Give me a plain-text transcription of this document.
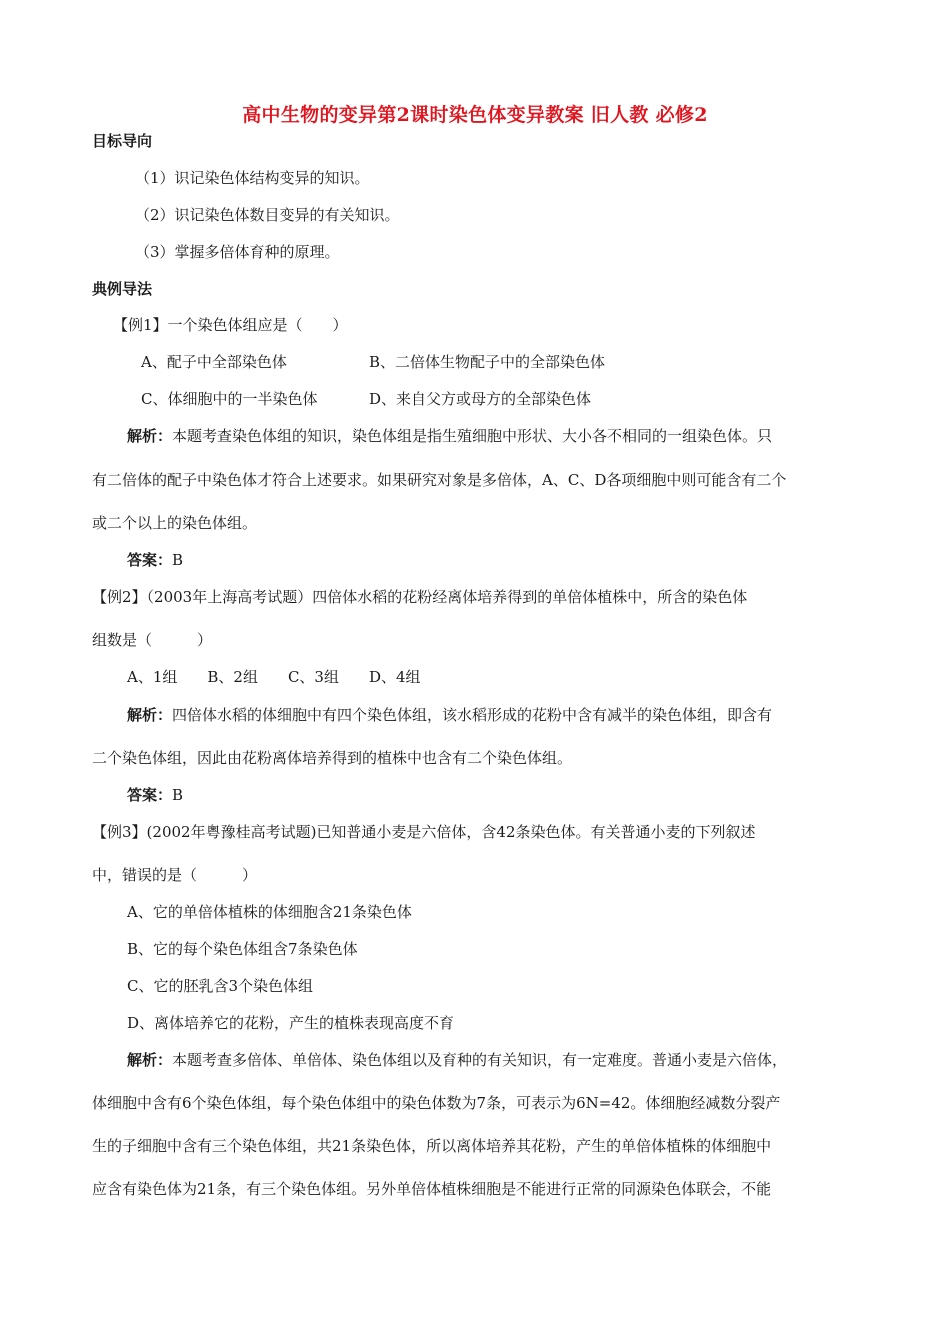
高中生物的变异第2课时染色体变异教案 旧人教 必修2
目标导向
（1）识记染色体结构变异的知识。
（2）识记染色体数目变异的有关知识。
（3）掌握多倍体育种的原理。
典例导法
【例1】一个染色体组应是（　　）
A、配子中全部染色体	B、二倍体生物配子中的全部染色体
C、体细胞中的一半染色体	D、来自父方或母方的全部染色体
解析：本题考查染色体组的知识，染色体组是指生殖细胞中形状、大小各不相同的一组染色体。只
有二倍体的配子中染色体才符合上述要求。如果研究对象是多倍体，A、C、D各项细胞中则可能含有二个
或二个以上的染色体组。
答案：B
【例2】（2003年上海高考试题）四倍体水稻的花粉经离体培养得到的单倍体植株中，所含的染色体
组数是（　　　）
A、1组　　B、2组　　C、3组　　D、4组
解析：四倍体水稻的体细胞中有四个染色体组，该水稻形成的花粉中含有减半的染色体组，即含有
二个染色体组，因此由花粉离体培养得到的植株中也含有二个染色体组。
答案：B
【例3】(2002年粤豫桂高考试题)已知普通小麦是六倍体，含42条染色体。有关普通小麦的下列叙述
中，错误的是（　　　）
A、它的单倍体植株的体细胞含21条染色体
B、它的每个染色体组含7条染色体
C、它的胚乳含3个染色体组
D、离体培养它的花粉，产生的植株表现高度不育
解析：本题考查多倍体、单倍体、染色体组以及育种的有关知识，有一定难度。普通小麦是六倍体，
体细胞中含有6个染色体组，每个染色体组中的染色体数为7条，可表示为6N=42。体细胞经减数分裂产
生的子细胞中含有三个染色体组，共21条染色体，所以离体培养其花粉，产生的单倍体植株的体细胞中
应含有染色体为21条，有三个染色体组。另外单倍体植株细胞是不能进行正常的同源染色体联会，不能
